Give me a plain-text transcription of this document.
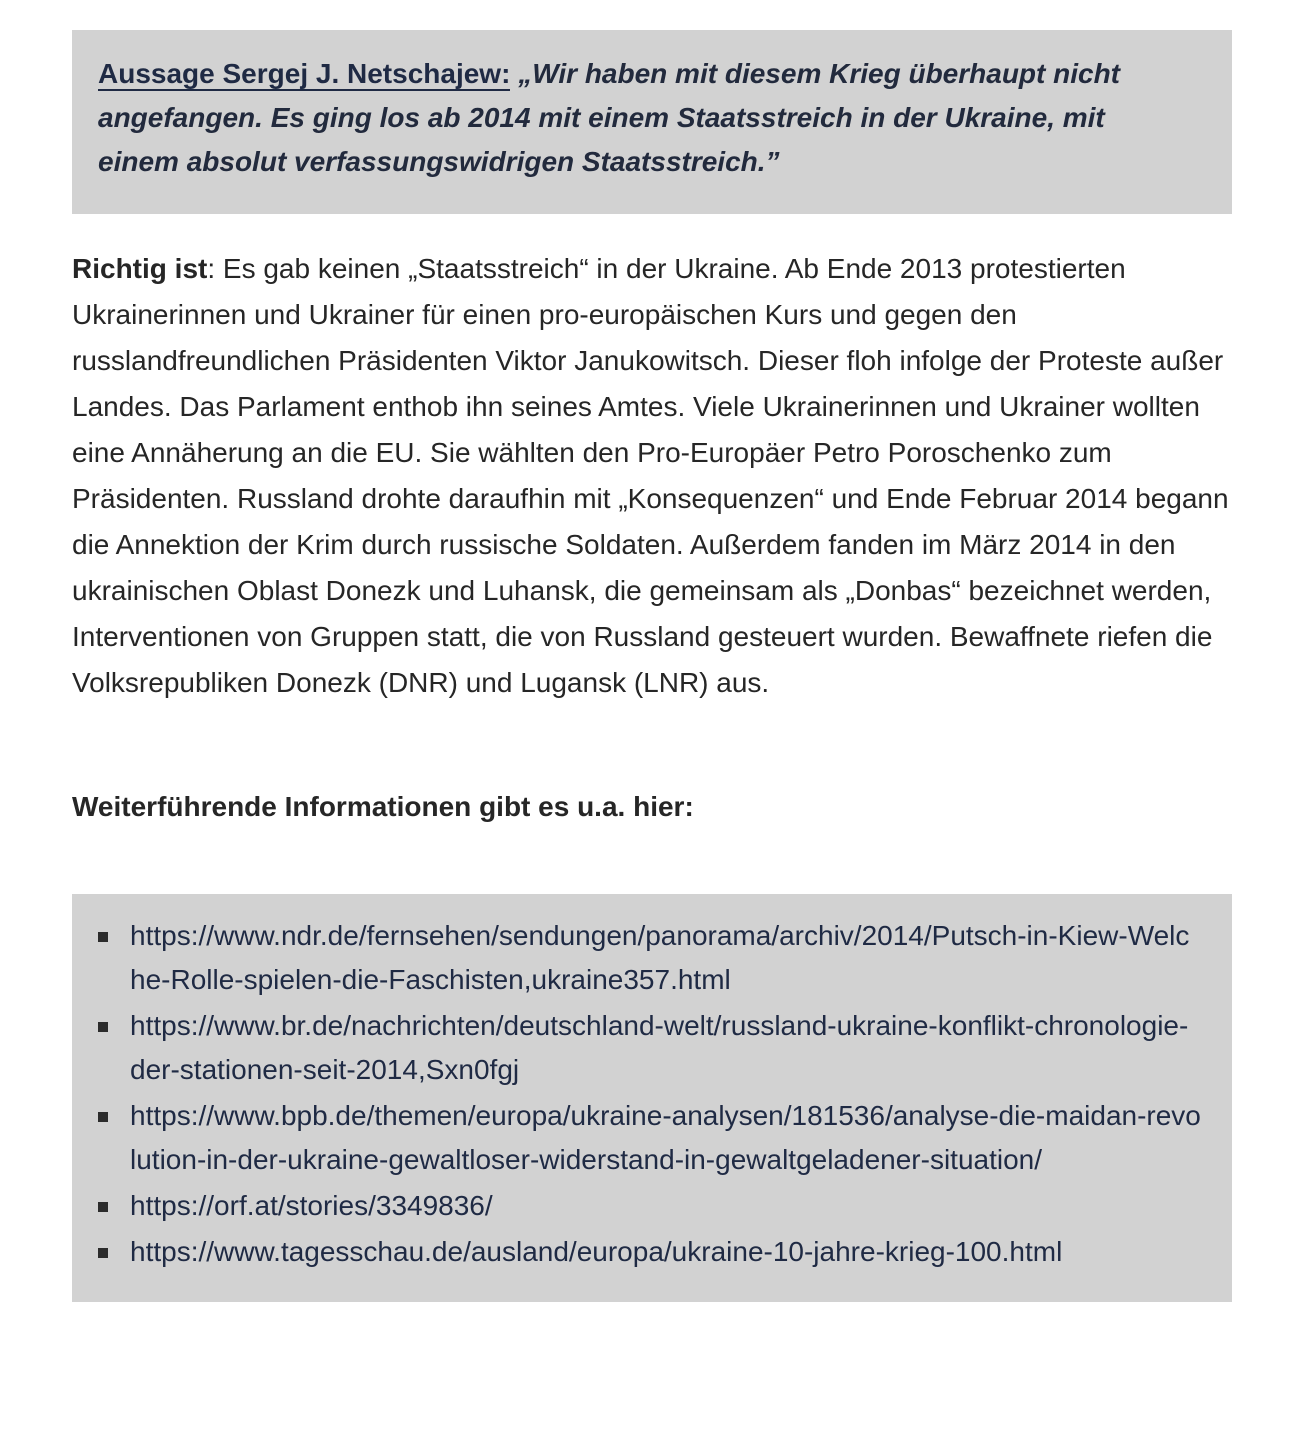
Aussage Sergej J. Netschajew: „Wir haben mit diesem Krieg überhaupt nicht angefangen. Es ging los ab 2014 mit einem Staatsstreich in der Ukraine, mit einem absolut verfassungswidrigen Staatsstreich.”

Richtig ist: Es gab keinen „Staatsstreich“ in der Ukraine. Ab Ende 2013 protestierten Ukrainerinnen und Ukrainer für einen pro-europäischen Kurs und gegen den russlandfreundlichen Präsidenten Viktor Janukowitsch. Dieser floh infolge der Proteste außer Landes. Das Parlament enthob ihn seines Amtes. Viele Ukrainerinnen und Ukrainer wollten eine Annäherung an die EU. Sie wählten den Pro-Europäer Petro Poroschenko zum Präsidenten. Russland drohte daraufhin mit „Konsequenzen“ und Ende Februar 2014 begann die Annektion der Krim durch russische Soldaten. Außerdem fanden im März 2014 in den ukrainischen Oblast Donezk und Luhansk, die gemeinsam als „Donbas“ bezeichnet werden, Interventionen von Gruppen statt, die von Russland gesteuert wurden. Bewaffnete riefen die Volksrepubliken Donezk (DNR) und Lugansk (LNR) aus.

Weiterführende Informationen gibt es u.a. hier:

https://www.ndr.de/fernsehen/sendungen/panorama/archiv/2014/Putsch-in-Kiew-Welche-Rolle-spielen-die-Faschisten,ukraine357.html
https://www.br.de/nachrichten/deutschland-welt/russland-ukraine-konflikt-chronologie-der-stationen-seit-2014,Sxn0fgj
https://www.bpb.de/themen/europa/ukraine-analysen/181536/analyse-die-maidan-revolution-in-der-ukraine-gewaltloser-widerstand-in-gewaltgeladener-situation/
https://orf.at/stories/3349836/
https://www.tagesschau.de/ausland/europa/ukraine-10-jahre-krieg-100.html
